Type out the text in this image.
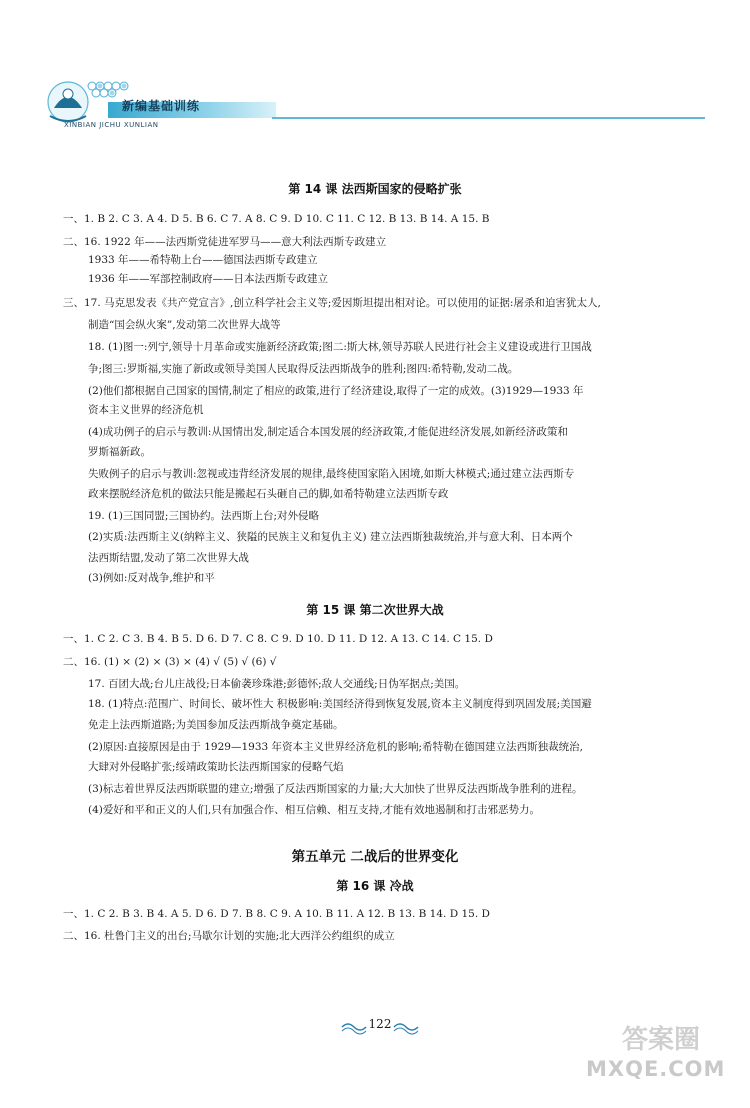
新编基础训练
XINBIAN JICHU XUNLIAN
第 14 课 法西斯国家的侵略扩张
一、1. B 2. C 3. A 4. D 5. B 6. C 7. A 8. C 9. D 10. C 11. C 12. B 13. B 14. A 15. B
二、16. 1922 年——法西斯党徒进军罗马——意大利法西斯专政建立
1933 年——希特勒上台——德国法西斯专政建立
1936 年——军部控制政府——日本法西斯专政建立
三、17. 马克思发表《共产党宣言》,创立科学社会主义等;爱因斯坦提出相对论。可以使用的证据:屠杀和迫害犹太人,
制造“国会纵火案”,发动第二次世界大战等
18. (1)图一:列宁,领导十月革命或实施新经济政策;图二:斯大林,领导苏联人民进行社会主义建设或进行卫国战
争;图三:罗斯福,实施了新政或领导美国人民取得反法西斯战争的胜利;图四:希特勒,发动二战。
(2)他们都根据自己国家的国情,制定了相应的政策,进行了经济建设,取得了一定的成效。(3)1929—1933 年
资本主义世界的经济危机
(4)成功例子的启示与教训:从国情出发,制定适合本国发展的经济政策,才能促进经济发展,如新经济政策和
罗斯福新政。
失败例子的启示与教训:忽视或违背经济发展的规律,最终使国家陷入困境,如斯大林模式;通过建立法西斯专
政来摆脱经济危机的做法只能是搬起石头砸自己的脚,如希特勒建立法西斯专政
19. (1)三国同盟;三国协约。法西斯上台;对外侵略
(2)实质:法西斯主义(纳粹主义、狭隘的民族主义和复仇主义) 建立法西斯独裁统治,并与意大利、日本两个
法西斯结盟,发动了第二次世界大战
(3)例如:反对战争,维护和平
第 15 课 第二次世界大战
一、1. C 2. C 3. B 4. B 5. D 6. D 7. C 8. C 9. D 10. D 11. D 12. A 13. C 14. C 15. D
二、16. (1) × (2) × (3) × (4) √ (5) √ (6) √
17. 百团大战;台儿庄战役;日本偷袭珍珠港;彭德怀;敌人交通线;日伪军据点;美国。
18. (1)特点:范围广、时间长、破坏性大 积极影响:美国经济得到恢复发展,资本主义制度得到巩固发展;美国避
免走上法西斯道路;为美国参加反法西斯战争奠定基础。
(2)原因:直接原因是由于 1929—1933 年资本主义世界经济危机的影响;希特勒在德国建立法西斯独裁统治,
大肆对外侵略扩张;绥靖政策助长法西斯国家的侵略气焰
(3)标志着世界反法西斯联盟的建立;增强了反法西斯国家的力量;大大加快了世界反法西斯战争胜利的进程。
(4)爱好和平和正义的人们,只有加强合作、相互信赖、相互支持,才能有效地遏制和打击邪恶势力。
第五单元 二战后的世界变化
第 16 课 冷战
一、1. C 2. B 3. B 4. A 5. D 6. D 7. B 8. C 9. A 10. B 11. A 12. B 13. B 14. D 15. D
二、16. 杜鲁门主义的出台;马歇尔计划的实施;北大西洋公约组织的成立
122
答案圈
MXQE.COM
